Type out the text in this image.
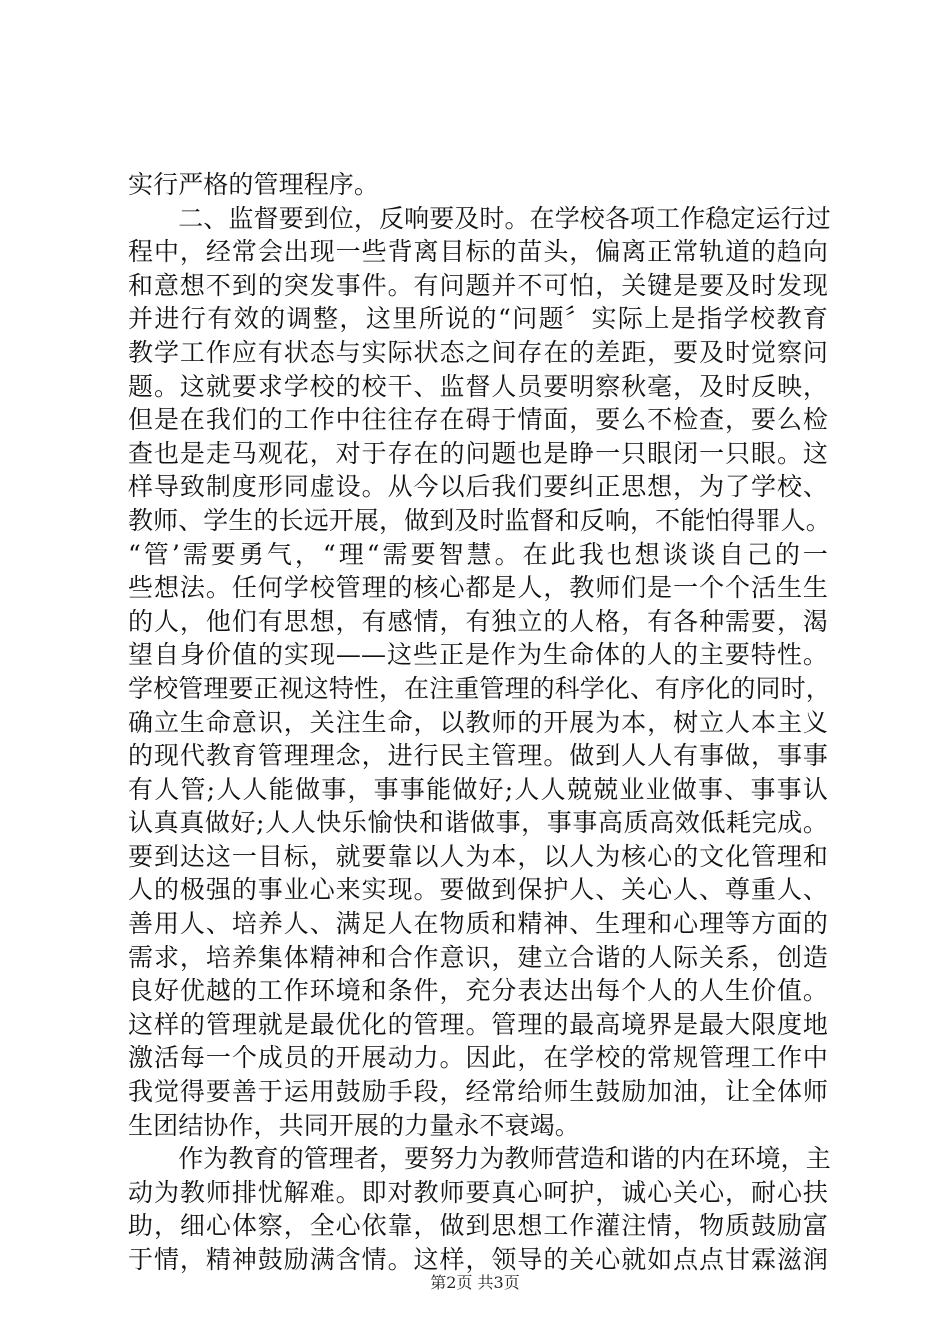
实行严格的管理程序。
　　二、监督要到位，反响要及时。在学校各项工作稳定运行过
程中，经常会出现一些背离目标的苗头，偏离正常轨道的趋向
和意想不到的突发事件。有问题并不可怕，关键是要及时发现
并进行有效的调整，这里所说的“问题〞实际上是指学校教育
教学工作应有状态与实际状态之间存在的差距，要及时觉察问
题。这就要求学校的校干、监督人员要明察秋毫，及时反映，
但是在我们的工作中往往存在碍于情面，要么不检查，要么检
查也是走马观花，对于存在的问题也是睁一只眼闭一只眼。这
样导致制度形同虚设。从今以后我们要纠正思想，为了学校、
教师、学生的长远开展，做到及时监督和反响，不能怕得罪人。
“管’需要勇气，“理“需要智慧。在此我也想谈谈自己的一
些想法。任何学校管理的核心都是人，教师们是一个个活生生
的人，他们有思想，有感情，有独立的人格，有各种需要，渴
望自身价值的实现——这些正是作为生命体的人的主要特性。
学校管理要正视这特性，在注重管理的科学化、有序化的同时，
确立生命意识，关注生命，以教师的开展为本，树立人本主义
的现代教育管理理念，进行民主管理。做到人人有事做，事事
有人管;人人能做事，事事能做好;人人兢兢业业做事、事事认
认真真做好;人人快乐愉快和谐做事，事事高质高效低耗完成。
要到达这一目标，就要靠以人为本，以人为核心的文化管理和
人的极强的事业心来实现。要做到保护人、关心人、尊重人、
善用人、培养人、满足人在物质和精神、生理和心理等方面的
需求，培养集体精神和合作意识，建立合谐的人际关系，创造
良好优越的工作环境和条件，充分表达出每个人的人生价值。
这样的管理就是最优化的管理。管理的最高境界是最大限度地
激活每一个成员的开展动力。因此，在学校的常规管理工作中
我觉得要善于运用鼓励手段，经常给师生鼓励加油，让全体师
生团结协作，共同开展的力量永不衰竭。
　　作为教育的管理者，要努力为教师营造和谐的内在环境，主
动为教师排忧解难。即对教师要真心呵护，诚心关心，耐心扶
助，细心体察，全心依靠，做到思想工作灌注情，物质鼓励富
于情，精神鼓励满含情。这样，领导的关心就如点点甘霖滋润
第2页 共3页
